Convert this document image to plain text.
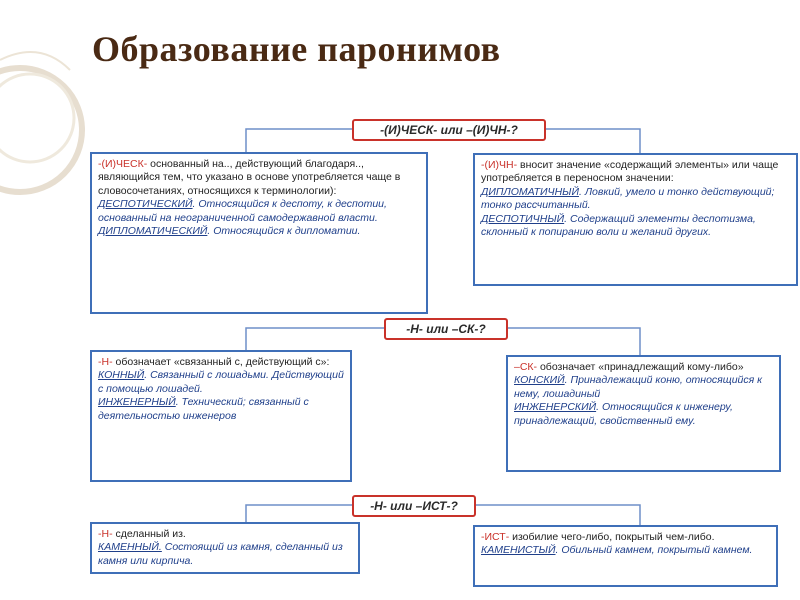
Образование паронимов
-(И)ЧЕСК- или –(И)ЧН-?

-(И)ЧЕСК- основанный на.., действующий благодаря.., являющийся тем, что указано в основе употребляется чаще в словосочетаниях, относящихся к терминологии):

ДЕСПОТИЧЕСКИЙ. Относящийся к деспоту, к деспотии, основанный на неограниченной самодержавной власти.

ДИПЛОМАТИЧЕСКИЙ. Относящийся к дипломатии.

-(И)ЧН- вносит значение «содержащий элементы» или чаще употребляется в переносном значении:

ДИПЛОМАТИЧНЫЙ. Ловкий, умело и тонко действующий; тонко рассчитанный.

ДЕСПОТИЧНЫЙ. Содержащий элементы деспотизма, склонный к попиранию воли и желаний других.

-Н- или –СК-?

-Н- обозначает «связанный с, действующий с»:

КОННЫЙ. Связанный с лошадьми. Действующий с помощью лошадей.

ИНЖЕНЕРНЫЙ. Технический; связанный с деятельностью инженеров

–СК- обозначает «принадлежащий кому-либо»

КОНСКИЙ. Принадлежащий коню, относящийся к нему, лошадиный

ИНЖЕНЕРСКИЙ. Относящийся к инженеру, принадлежащий, свойственный ему.

-Н- или –ИСТ-?

-Н- сделанный из.

КАМЕННЫЙ. Состоящий из камня, сделанный из камня или кирпича.

-ИСТ- изобилие чего-либо, покрытый чем-либо.

КАМЕНИСТЫЙ. Обильный камнем, покрытый камнем.
